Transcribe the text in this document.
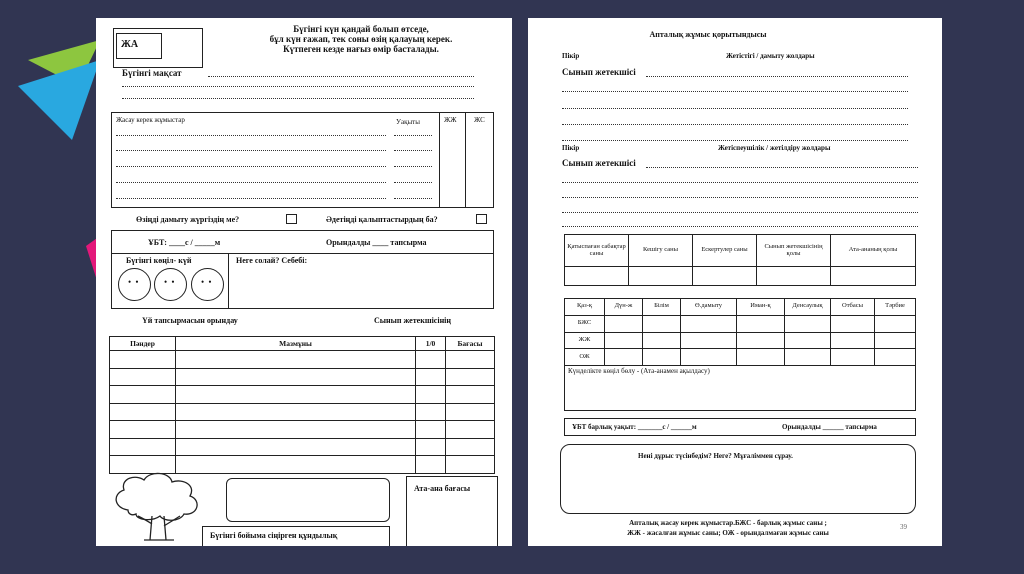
ЖА
Бүгінгі күн қандай болып өтседе,
бұл күн ғажап, тек соны өзің қалауың керек.
Күтпеген кезде нағыз өмір басталады.
Бүгінгі мақсат
Жасау керек жұмыстар	Уақыты	ЖЖ ЖС
Өзіңді дамыту жүргіздің ме?	Әдетіңді қалыптастырдың ба?
ҰБТ: ____с / _____м	Орындалды ____ тапсырма
Бүгінгі көңіл- күй
• •	• •	• •
Неге солай? Себебі:
Үй тапсырмасын орындау	Сынып жетекшісінің
Пәндер	Мазмұны	1/0	Бағасы

Бүгінгі бойыма сіңірген құндылық
Ата-ана бағасы
Апталық жұмыс қорытындысы
Пікір	Жетістігі / дамыту жолдары
Сынып жетекшісі
Пікір	Жетіспеушілік / жетілдіру жолдары
Сынып жетекшісі
Қатыспаған сабақтар саны	Кешігу саны	Ескертулер саны	Сынып жетекшісінің қолы	Ата-ананың қолы

Қаз-қ	Дүн-ж	Білім	Ө.дамыту	Иман-қ	Денсаулық	Отбасы	Тәрбие
БЖС							
ЖЖ							
ОЖ							
Күнделікте көңіл бөлу - (Ата-анамен ақылдасу)
ҰБТ барлық уақыт: _______с / ______м	Орындалды ______ тапсырма
Нені дұрыс түсінбедім? Неге? Мұғаліммен сұрау.
Апталық жасау керек жұмыстар.БЖС - барлық жұмыс саны ;
ЖЖ - жасалған жұмыс саны; ОЖ - орындалмаған жұмыс саны
39
